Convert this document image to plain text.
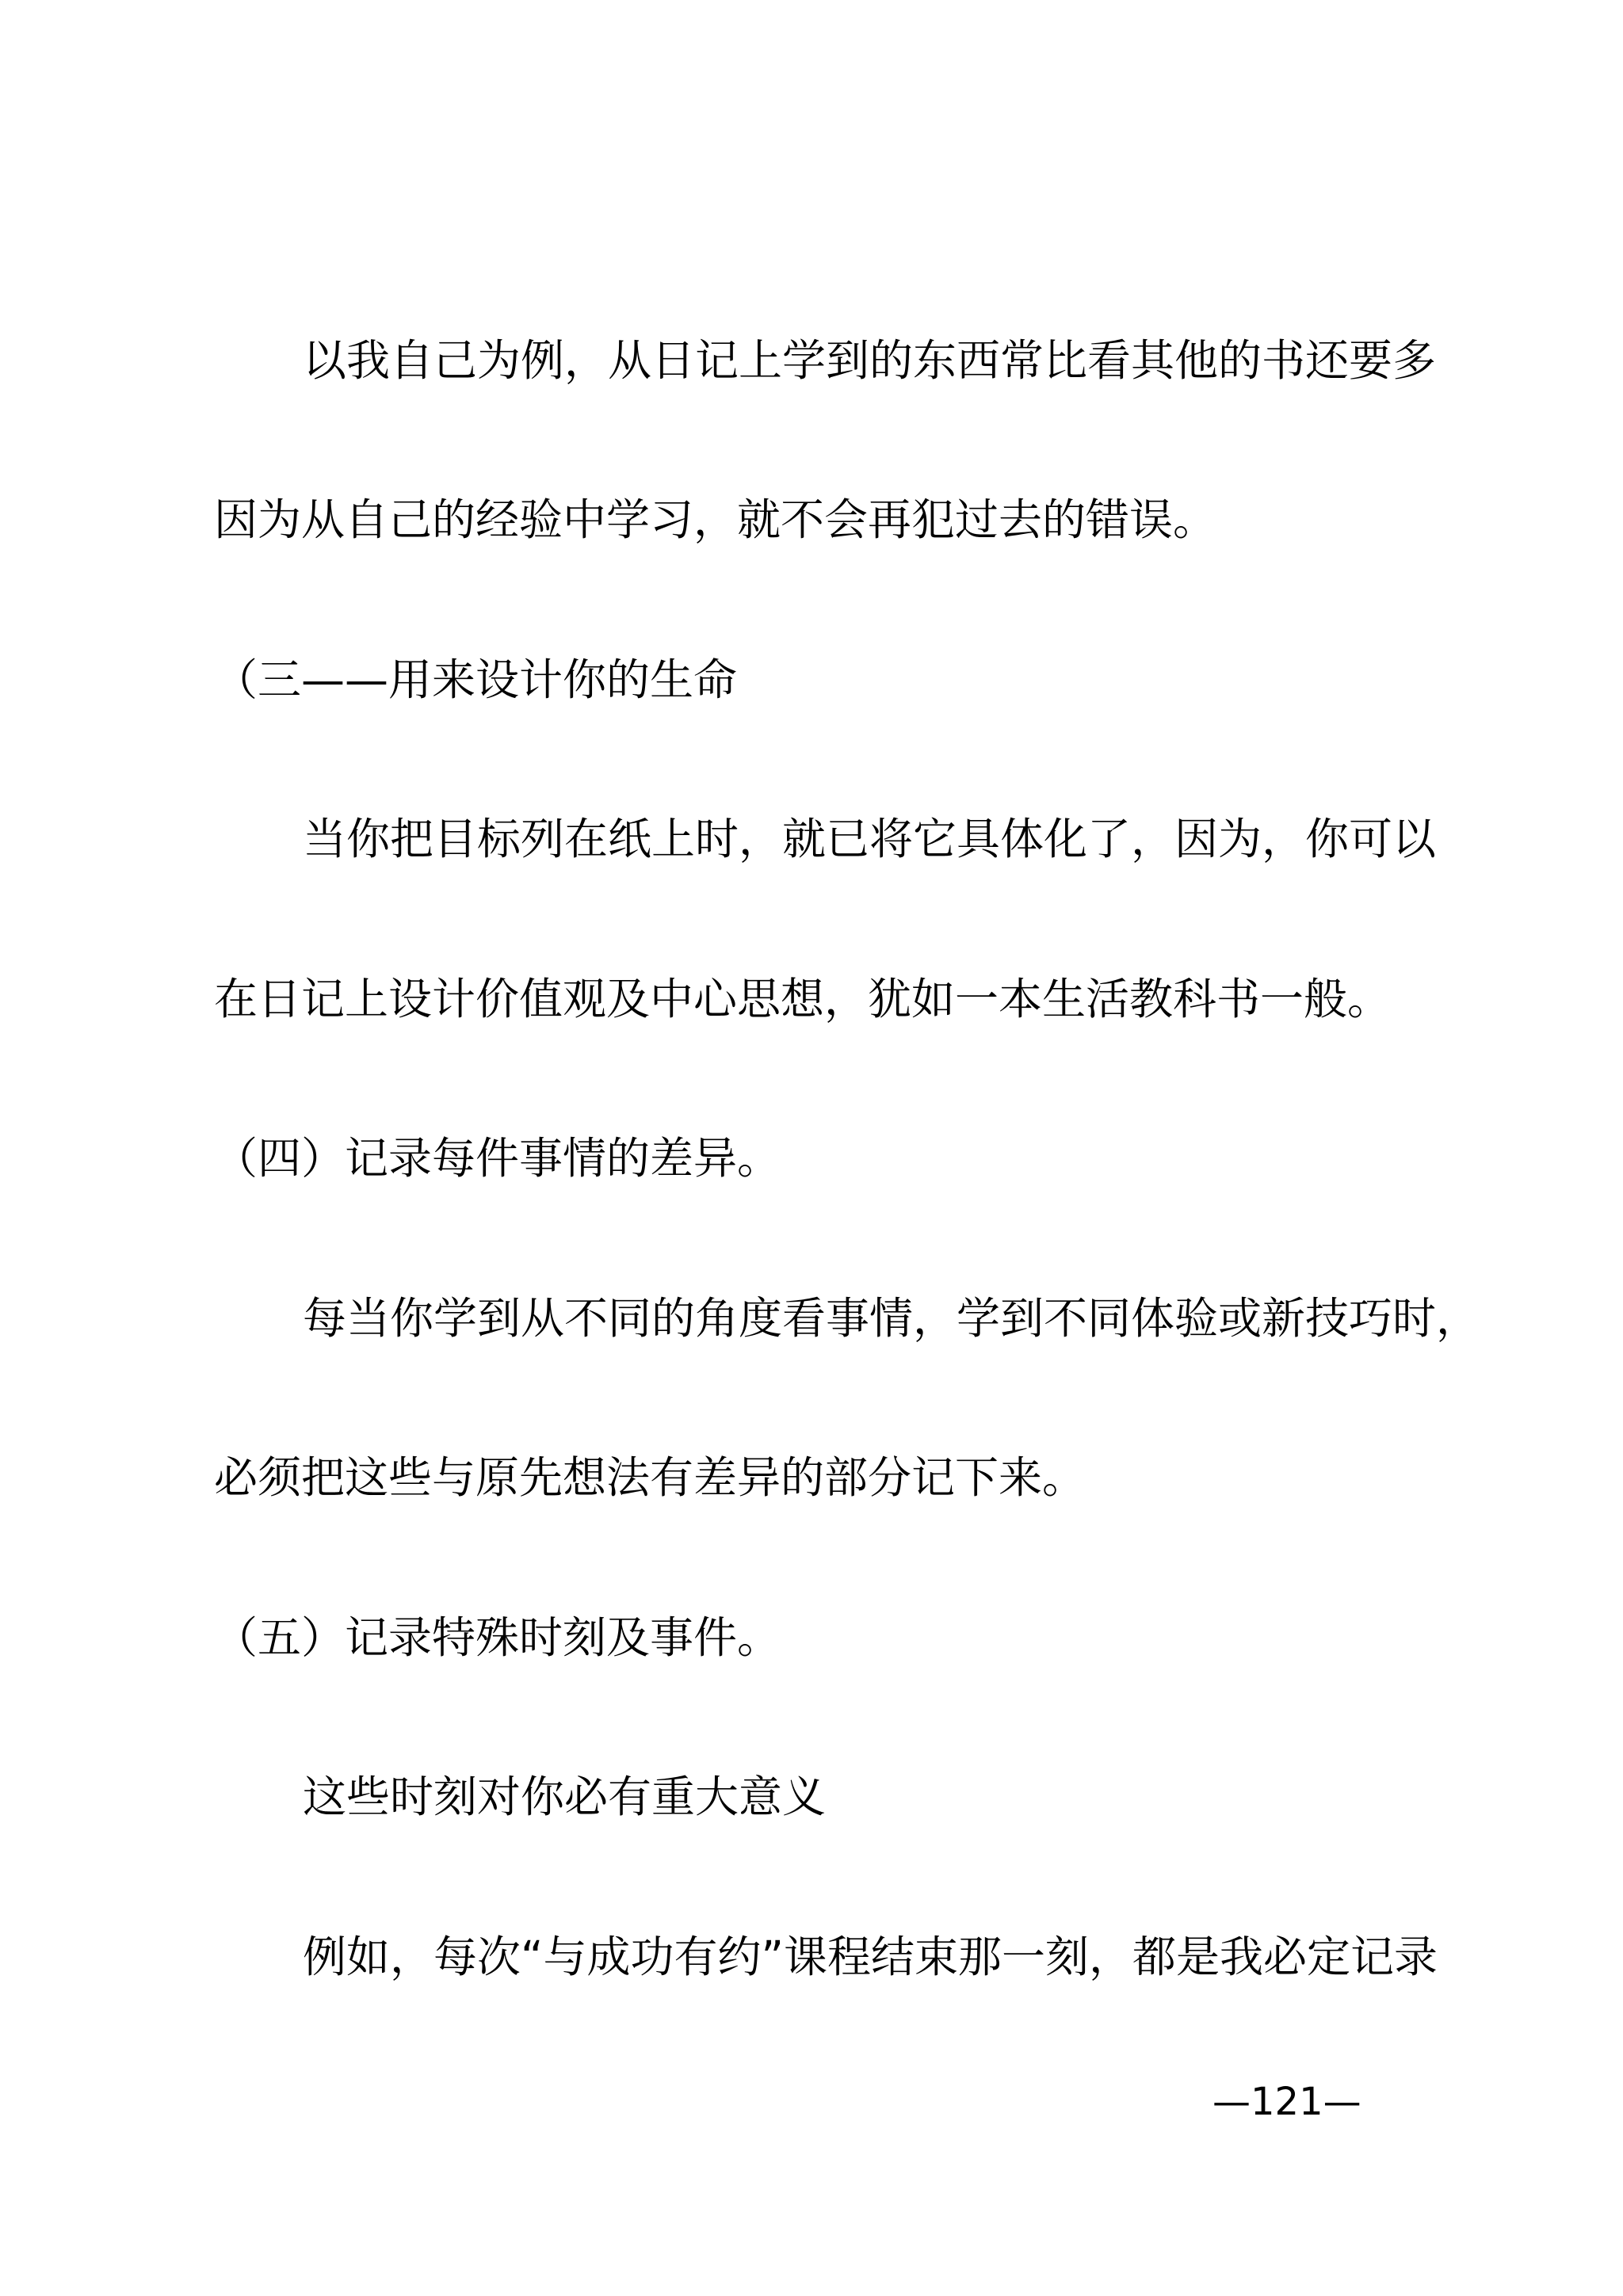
以我自己为例，从日记上学到的东西常比看其他的书还要多
因为从自己的经验中学习，就不会再犯过去的错误。
（三——用来设计你的生命
当你把目标列在纸上时，就已将它具体化了，因为，你可以
在日记上设计价值观及中心思想，犹如一本生活教科书一般。
（四）记录每件事情的差异。
每当你学到从不同的角度看事情，学到不同体验或新技巧时，
必须把这些与原先想法有差异的部分记下来。
（五）记录特殊时刻及事件。
这些时刻对你必有重大意义
例如，每次“与成功有约”课程结束那一刻，都是我必定记录
—121—
